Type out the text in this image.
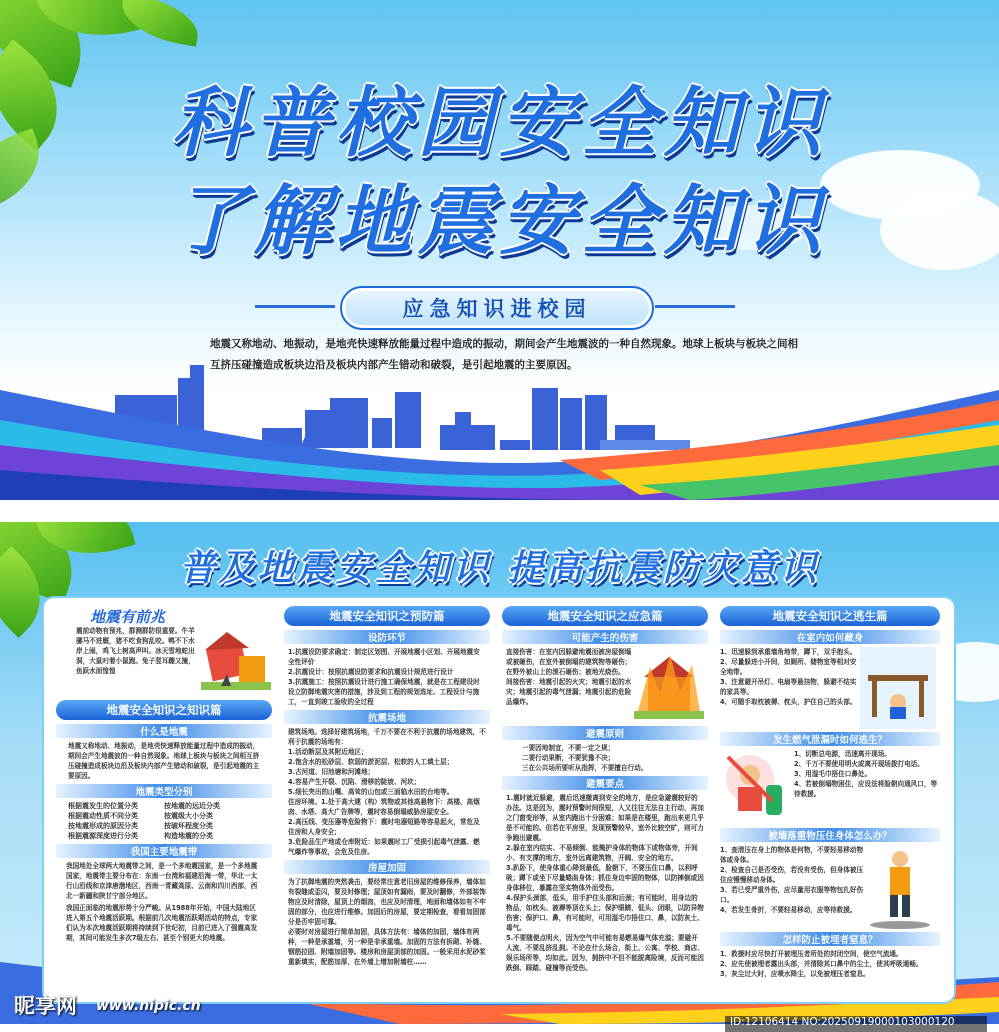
科普校园安全知识
了解地震安全知识
应急知识进校园
地震又称地动、地振动，是地壳快速释放能量过程中造成的振动，期间会产生地震波的一种自然现象。地球上板块与板块之间相互挤压碰撞造成板块边沿及板块内部产生错动和破裂，是引起地震的主要原因。
普及地震安全知识 提高抗震防灾意识
地震有前兆
震前动物有预兆，群测群防很重要。牛羊骡马不进厩，猪不吃食狗乱咬。鸭不下水岸上闹，鸡飞上树高声叫。冰天雪地蛇出洞，大鼠叼着小鼠跑。兔子竖耳蹦又撞，鱼跃水面惶惶
地震安全知识之知识篇
什么是地震
地震又称地动、地振动，是地壳快速释放能量过程中造成的振动，期间会产生地震波的一种自然现象。地球上板块与板块之间相互挤压碰撞造成板块边沿及板块内部产生错动和破裂，是引起地震的主要原因。
地震类型分别
根据震发生的位置分类	按地震的远近分类
根据震动性质不同分类	按震级大小分类
按地震形成的原因分类	按破坏程度分类
根据震源深度进行分类	构造地震的分类
我国主要地震带
我国地处全球两大地震带之间，是一个多地震国家，是一个多地震国家，地震带主要分布在：东南一台湾和福建沿海一带，华北一太行山沿线和京津唐渤地区，西南一青藏高原、云南和四川西部，西北一新疆和陕甘宁部分地区。
我国正面临的地震形势十分严峻。从1988年开始，中国大陆地区进入第五个地震活跃期。根据前几次地震活跃期活动的特点，专家们认为本次地震活跃期将持续到下世纪初，目前已进入了强震高发期，其间可能发生多次7级左右、甚至个别更大的地震。
地震安全知识之预防篇
设防环节
1.抗震设防要求确定：制定区划图、开展地震小区划、开展地震安全性评价
2.抗震设计：按照抗震设防要求和抗震设计规范进行设计
3.抗震施工：按照抗震设计进行施工确保地震，就是在工程建设时设立防御地震灾害的措施，涉及到工程的规划选址、工程设计与施工，一直到竣工验收的全过程
抗震场地
建筑场地。选择好建筑场地，千万不要在不利于抗震的场地建筑，不利于抗震的场地有：
1.活动断层及其附近地区；
2.饱含水的松砂层、软弱的淤泥层、松软的人工填土层；
3.古河道、旧池塘和河滩地；
4.容易产生开裂、沉陷、滑移的陡坡、河坎；
5.细长突出的山嘴、高耸的山包或三面临水田的台地等。
住房环境。1.处于高大建（构）筑物或其他高悬物下：高楼、高烟囱、水塔、高大广告牌等，震时容易倒塌威胁房屋安全。
2.高压线、变压器等危险物下：震时电器短路等容易起火，常危及住房和人身安全；
3.危险品生产地或仓库附近：如果震时工厂受损引起毒气泄露、燃气爆炸等事故，会危及住房。
房屋加固
为了抗御地震的突然袭击，要经常注意老旧房屋的维修保养，墙体如有裂缝或歪闪，要及时修理；屋顶如有漏雨，要及时翻修，外部装饰物应及时清除，屋顶上的烟囱，也应及时清理，地面和墙体如有不牢固的部分，也应进行维修。加固后的房屋，要定期检查，看看加固部分是否牢固可靠。
必要时对房屋进行简单加固，具体方法有：墙体的加固，墙体有两种，一种是承重墙，另一种是非承重墙。加固的方法有拆砌、补缝、钢筋拉固、附墙加固等。楼房和房屋顶部的加固。一般采用水泥砂浆重新填实，配筋加厚，在外墙上增加附墙柱……
地震安全知识之应急篇
可能产生的伤害
直接伤害：在室内因躲避地震而被房屋倒塌或被砸伤，在室外被倒塌的建筑物等砸伤；在野外被山上的滚石砸伤；被地光烧伤。
间接伤害：地震引起的火灾；地震引起的水灾；地震引起的毒气泄漏；地震引起的危险品爆炸。
避震原则
一要因地制宜，不要一定之规；
二要行动果断，不要犹豫不决；
三在公共场所要听从指挥，不要擅自行动。
避震要点
1.震时就近躲避，震后迅速撤离到安全的地方，是应急避震较好的办法。这是因为，震时预警时间很短，人又往往无法自主行动，再加之门窗变形等，从室内跑出十分困难；如果是在楼里，跑出来更几乎是不可能的。但若在平房里，发现预警较早，室外比较空旷，则可力争跑出避震。
2.躲在室内结实、不易倾倒、能掩护身体的物体下或物体旁，开间小、有支撑的地方，室外远离建筑物，开阔、安全的地方。
3.趴卧下，使身体重心降到最低，脸朝下，不要压住口鼻，以利呼吸；蹲下或坐下尽量蜷曲身体；抓住身边牢固的物体，以防摔倒或因身体移位，暴露在坚实物体外而受伤。
4.保护头颈部，低头，用手护住头部和后颈；有可能时，用身边的物品，如枕头、被褥等顶在头上；保护眼睛，低头、闭眼，以防异物伤害；保护口、鼻，有可能时，可用湿毛巾捂住口、鼻，以防灰土、毒气。
5.不要随便点明火，因为空气中可能有易燃易爆气体充溢；要避开人流，不要乱挤乱拥。不论在什么场合，街上、公寓、学校、商店、娱乐场所等，均如此。因为，拥挤中不但不能脱离险境，反而可能因跌倒、踩踏、碰撞等而受伤。
地震安全知识之逃生篇
在室内如何藏身
1、迅速躲到承重墙角地带，蹲下，双手抱头。
2、尽量躲进小开间，如厕所、储物室等相对安全地带。
3、注意避开吊灯、电扇等悬挂物，躲避不结实的家具等。
4、可随手取枕被褥、枕头，护住自己的头部。
发生燃气泄漏时如何逃生？
1、切断总电源，迅速离开现场。
2、千万不要使用明火或离开现场拨打电话。
3、用湿毛巾捂住口鼻处。
4、若被倒塌物困住，应设法将脸朝向通风口，等待救援。
被墙落重物压住身体怎么办？
1、查清压在身上的物体是何物，不要轻易移动物体或身体。
2、检查自己是否受伤，若没有受伤，但身体被压住应慢慢移动身体。
3、若已受严重外伤，应尽量用衣服等物包扎好伤口。
4、若发生骨折，不要轻易移动，应等待救援。
怎样防止被埋者窒息？
1、救援时应尽快打开被埋压者所处的封闭空间，使空气流通。
2、应先使被埋者露出头部，并清除其口鼻中的尘土，使其呼吸通畅。
3、灰尘过大时，应喷水降尘，以免被埋压者窒息。
昵享网 www.nipic.cn
ID:12106414 NO:20250919000103000120
